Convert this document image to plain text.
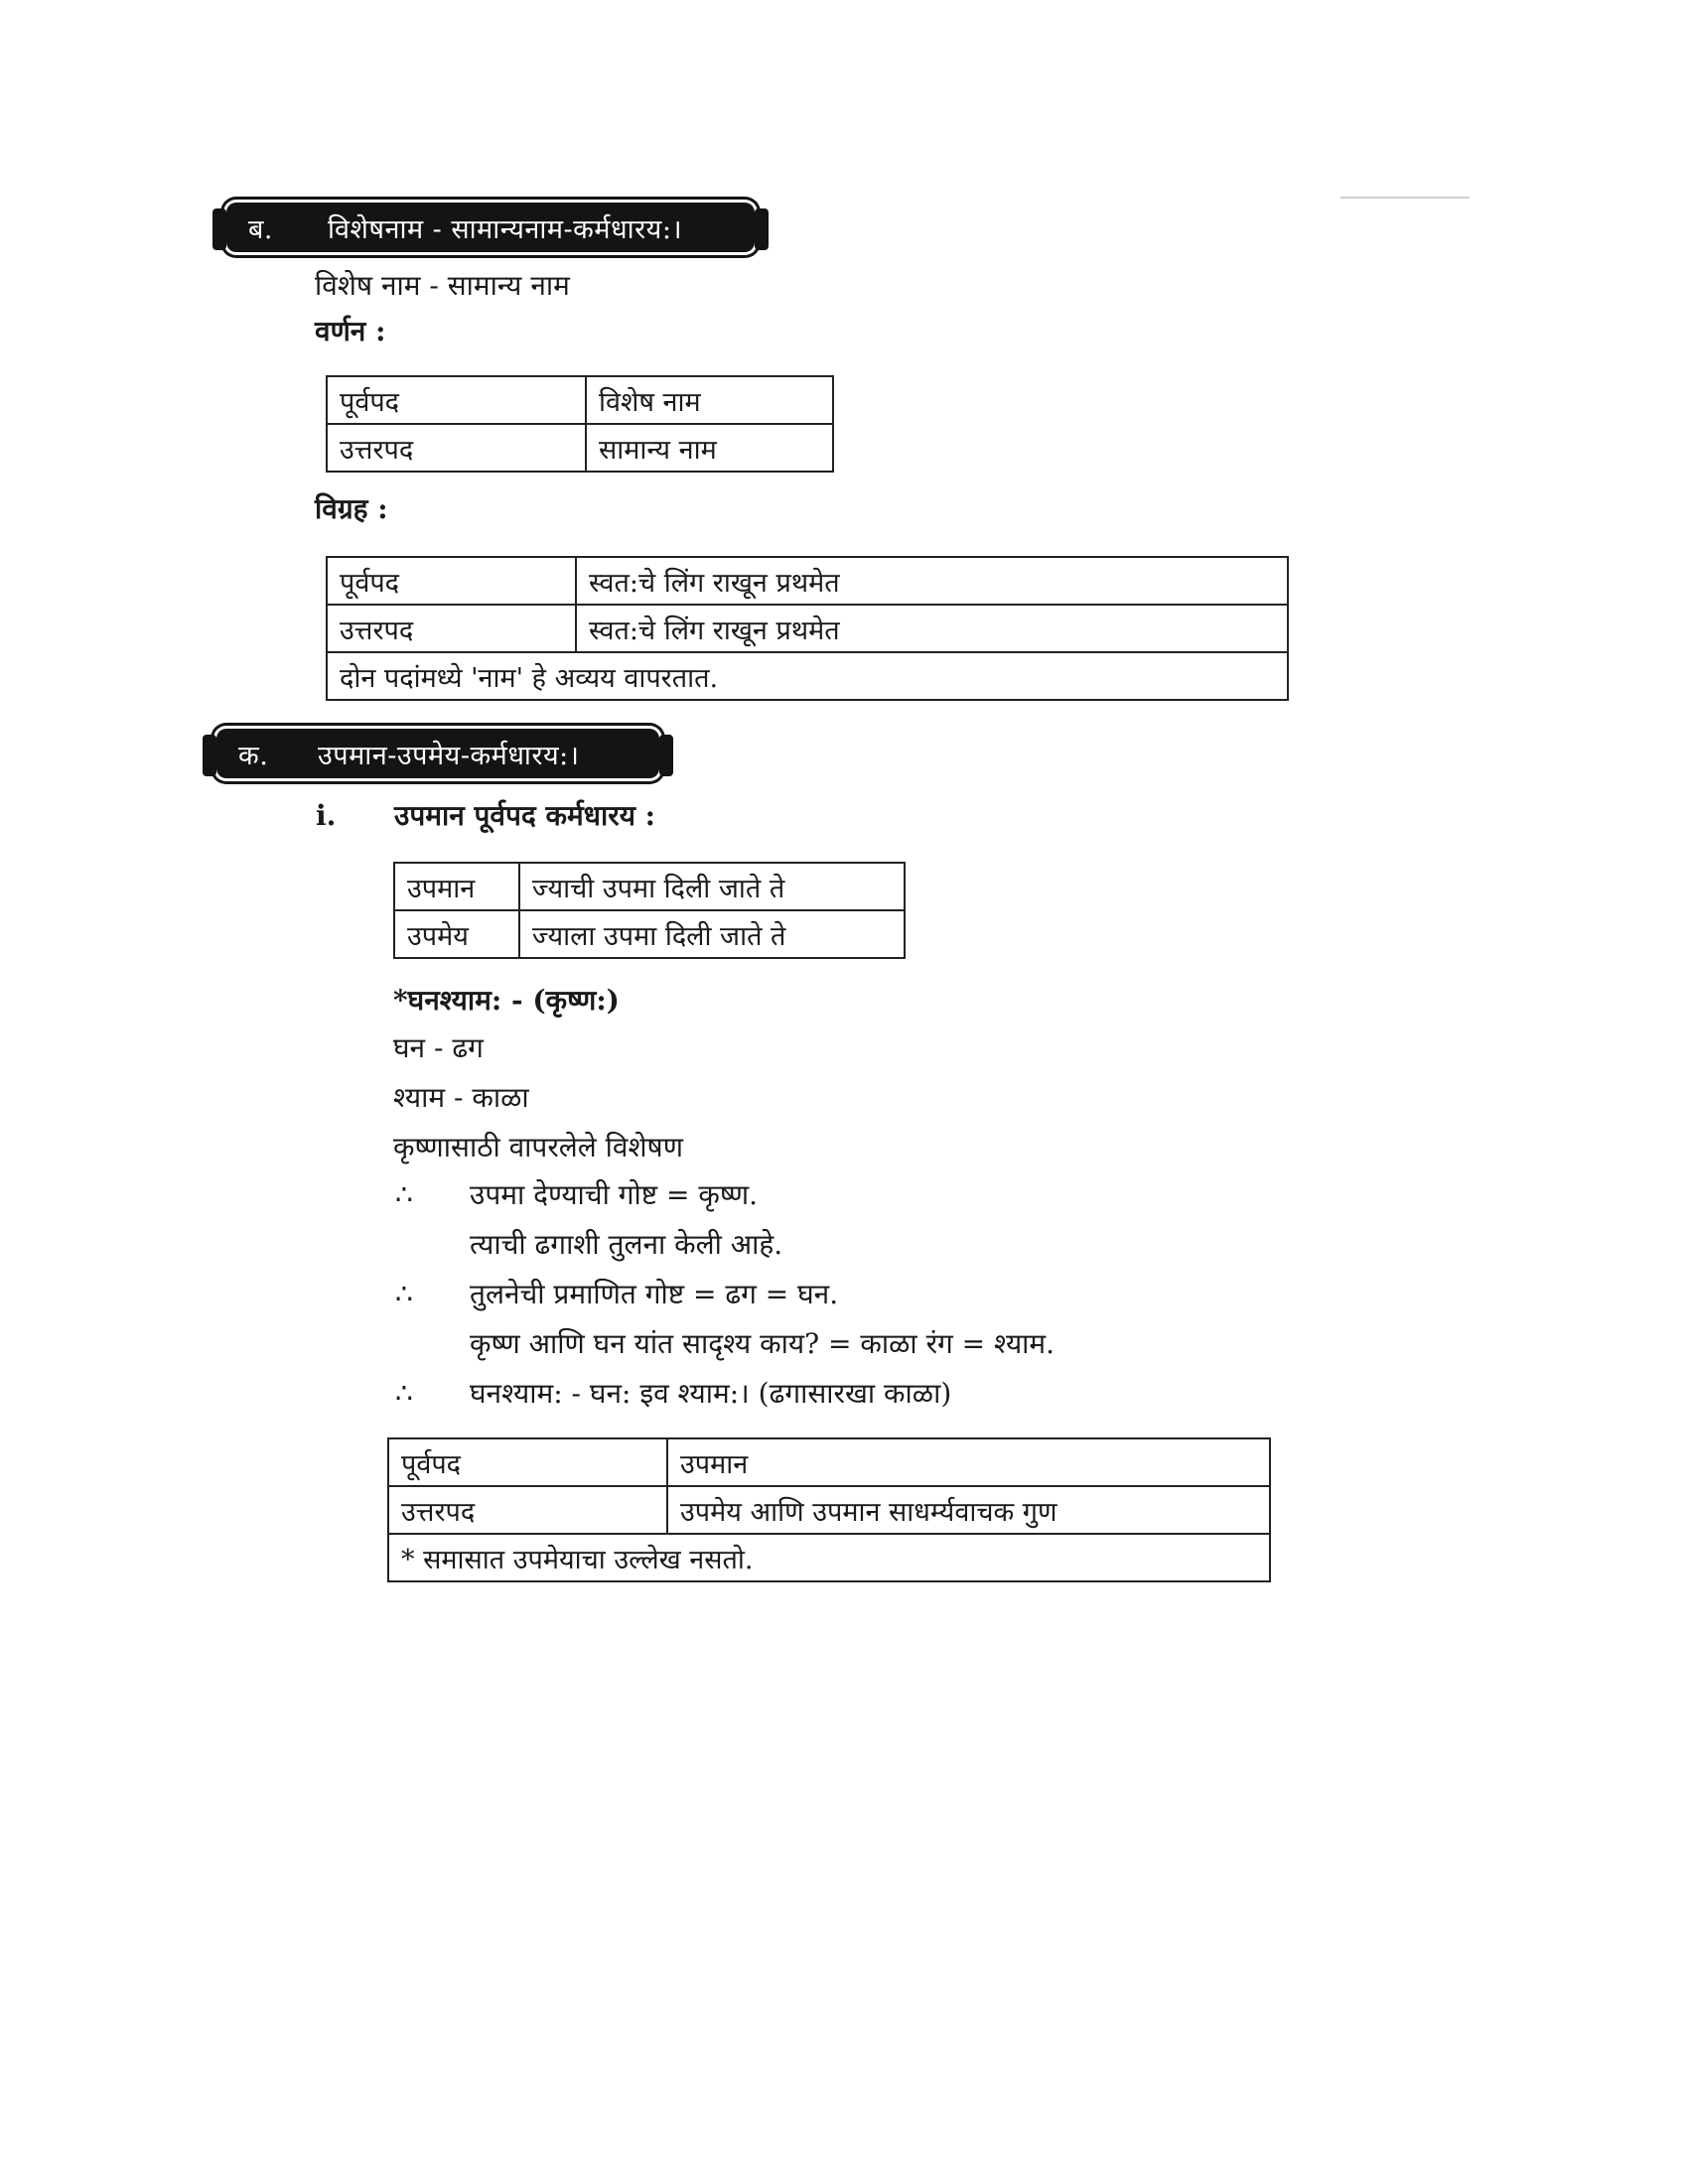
ब.	विशेषनाम - सामान्यनाम-कर्मधारय:।
विशेष नाम - सामान्य नाम
वर्णन :
पूर्वपद	विशेष नाम
उत्तरपद	सामान्य नाम
विग्रह :
पूर्वपद	स्वत:चे लिंग राखून प्रथमेत
उत्तरपद	स्वत:चे लिंग राखून प्रथमेत
दोन पदांमध्ये 'नाम' हे अव्यय वापरतात.	
क.	उपमान-उपमेय-कर्मधारय:।
i. उपमान पूर्वपद कर्मधारय :
उपमान	ज्याची उपमा दिली जाते ते
उपमेय	ज्याला उपमा दिली जाते ते
*घनश्याम: - (कृष्ण:)
घन - ढग
श्याम - काळा
कृष्णासाठी वापरलेले विशेषण
∴ उपमा देण्याची गोष्ट = कृष्ण.
त्याची ढगाशी तुलना केली आहे.
∴ तुलनेची प्रमाणित गोष्ट = ढग = घन.
कृष्ण आणि घन यांत सादृश्य काय? = काळा रंग = श्याम.
∴ घनश्याम: - घन: इव श्याम:। (ढगासारखा काळा)
पूर्वपद	उपमान
उत्तरपद	उपमेय आणि उपमान साधर्म्यवाचक गुण
* समासात उपमेयाचा उल्लेख नसतो.	
